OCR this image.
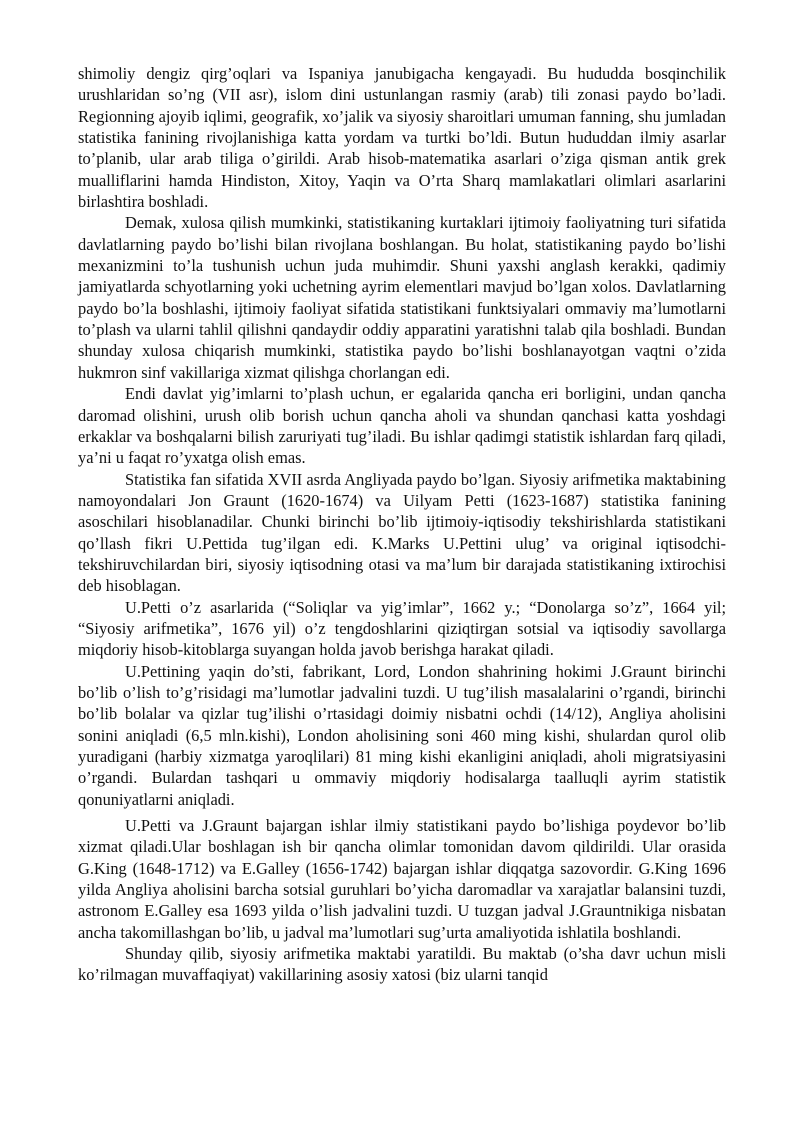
shimoliy dengiz qirg’oqlari va Ispaniya janubigacha kengayadi. Bu hududda bosqinchilik urushlaridan so’ng (VII asr), islom dini ustunlangan rasmiy (arab) tili zonasi paydo bo’ladi. Regionning ajoyib iqlimi, geografik, xo’jalik va siyosiy sharoitlari umuman fanning, shu jumladan statistika fanining rivojlanishiga katta yordam va turtki bo’ldi. Butun hududdan ilmiy asarlar to’planib, ular arab tiliga o’girildi. Arab hisob-matematika asarlari o’ziga qisman antik grek mualliflarini hamda Hindiston, Xitoy, Yaqin va O’rta Sharq mamlakatlari olimlari asarlarini birlashtira boshladi.

Demak, xulosa qilish mumkinki, statistikaning kurtaklari ijtimoiy faoliyatning turi sifatida davlatlarning paydo bo’lishi bilan rivojlana boshlangan. Bu holat, statistikaning paydo bo’lishi mexanizmini to’la tushunish uchun juda muhimdir. Shuni yaxshi anglash kerakki, qadimiy jamiyatlarda schyotlarning yoki uchetning ayrim elementlari mavjud bo’lgan xolos. Davlatlarning paydo bo’la boshlashi, ijtimoiy faoliyat sifatida statistikani funktsiyalari ommaviy ma’lumotlarni to’plash va ularni tahlil qilishni qandaydir oddiy apparatini yaratishni talab qila boshladi. Bundan shunday xulosa chiqarish mumkinki, statistika paydo bo’lishi boshlanayotgan vaqtni o’zida hukmron sinf vakillariga xizmat qilishga chorlangan edi.

Endi davlat yig’imlarni to’plash uchun, er egalarida qancha eri borligini, undan qancha daromad olishini, urush olib borish uchun qancha aholi va shundan qanchasi katta yoshdagi erkaklar va boshqalarni bilish zaruriyati tug’iladi. Bu ishlar qadimgi statistik ishlardan farq qiladi, ya’ni u faqat ro’yxatga olish emas.

Statistika fan sifatida XVII asrda Angliyada paydo bo’lgan. Siyosiy arifmetika maktabining namoyondalari Jon Graunt (1620-1674) va Uilyam Petti (1623-1687) statistika fanining asoschilari hisoblanadilar. Chunki birinchi bo’lib ijtimoiy-iqtisodiy tekshirishlarda statistikani qo’llash fikri U.Pettida tug’ilgan edi. K.Marks U.Pettini ulug’ va original iqtisodchi-tekshiruvchilardan biri, siyosiy iqtisodning otasi va ma’lum bir darajada statistikaning ixtirochisi deb hisoblagan.

U.Petti o’z asarlarida (“Soliqlar va yig’imlar”, 1662 y.; “Donolarga so’z”, 1664 yil; “Siyosiy arifmetika”, 1676 yil) o’z tengdoshlarini qiziqtirgan sotsial va iqtisodiy savollarga miqdoriy hisob-kitoblarga suyangan holda javob berishga harakat qiladi.

U.Pettining yaqin do’sti, fabrikant, Lord, London shahrining hokimi J.Graunt birinchi bo’lib o’lish to’g’risidagi ma’lumotlar jadvalini tuzdi. U tug’ilish masalalarini o’rgandi, birinchi bo’lib bolalar va qizlar tug’ilishi o’rtasidagi doimiy nisbatni ochdi (14/12), Angliya aholisini sonini aniqladi (6,5 mln.kishi), London aholisining soni 460 ming kishi, shulardan qurol olib yuradigani (harbiy xizmatga yaroqlilari) 81 ming kishi ekanligini aniqladi, aholi migratsiyasini o’rgandi. Bulardan tashqari u ommaviy miqdoriy hodisalarga taalluqli ayrim statistik qonuniyatlarni aniqladi.

U.Petti va J.Graunt bajargan ishlar ilmiy statistikani paydo bo’lishiga poydevor bo’lib xizmat qiladi.Ular boshlagan ish bir qancha olimlar tomonidan davom qildirildi. Ular orasida G.King (1648-1712) va E.Galley (1656-1742) bajargan ishlar diqqatga sazovordir. G.King 1696 yilda Angliya aholisini barcha sotsial guruhlari bo’yicha daromadlar va xarajatlar balansini tuzdi, astronom E.Galley esa 1693 yilda o’lish jadvalini tuzdi. U tuzgan jadval J.Grauntnikiga nisbatan ancha takomillashgan bo’lib, u jadval ma’lumotlari sug’urta amaliyotida ishlatila boshlandi.

Shunday qilib, siyosiy arifmetika maktabi yaratildi. Bu maktab (o’sha davr uchun misli ko’rilmagan muvaffaqiyat) vakillarining asosiy xatosi (biz ularni tanqid
